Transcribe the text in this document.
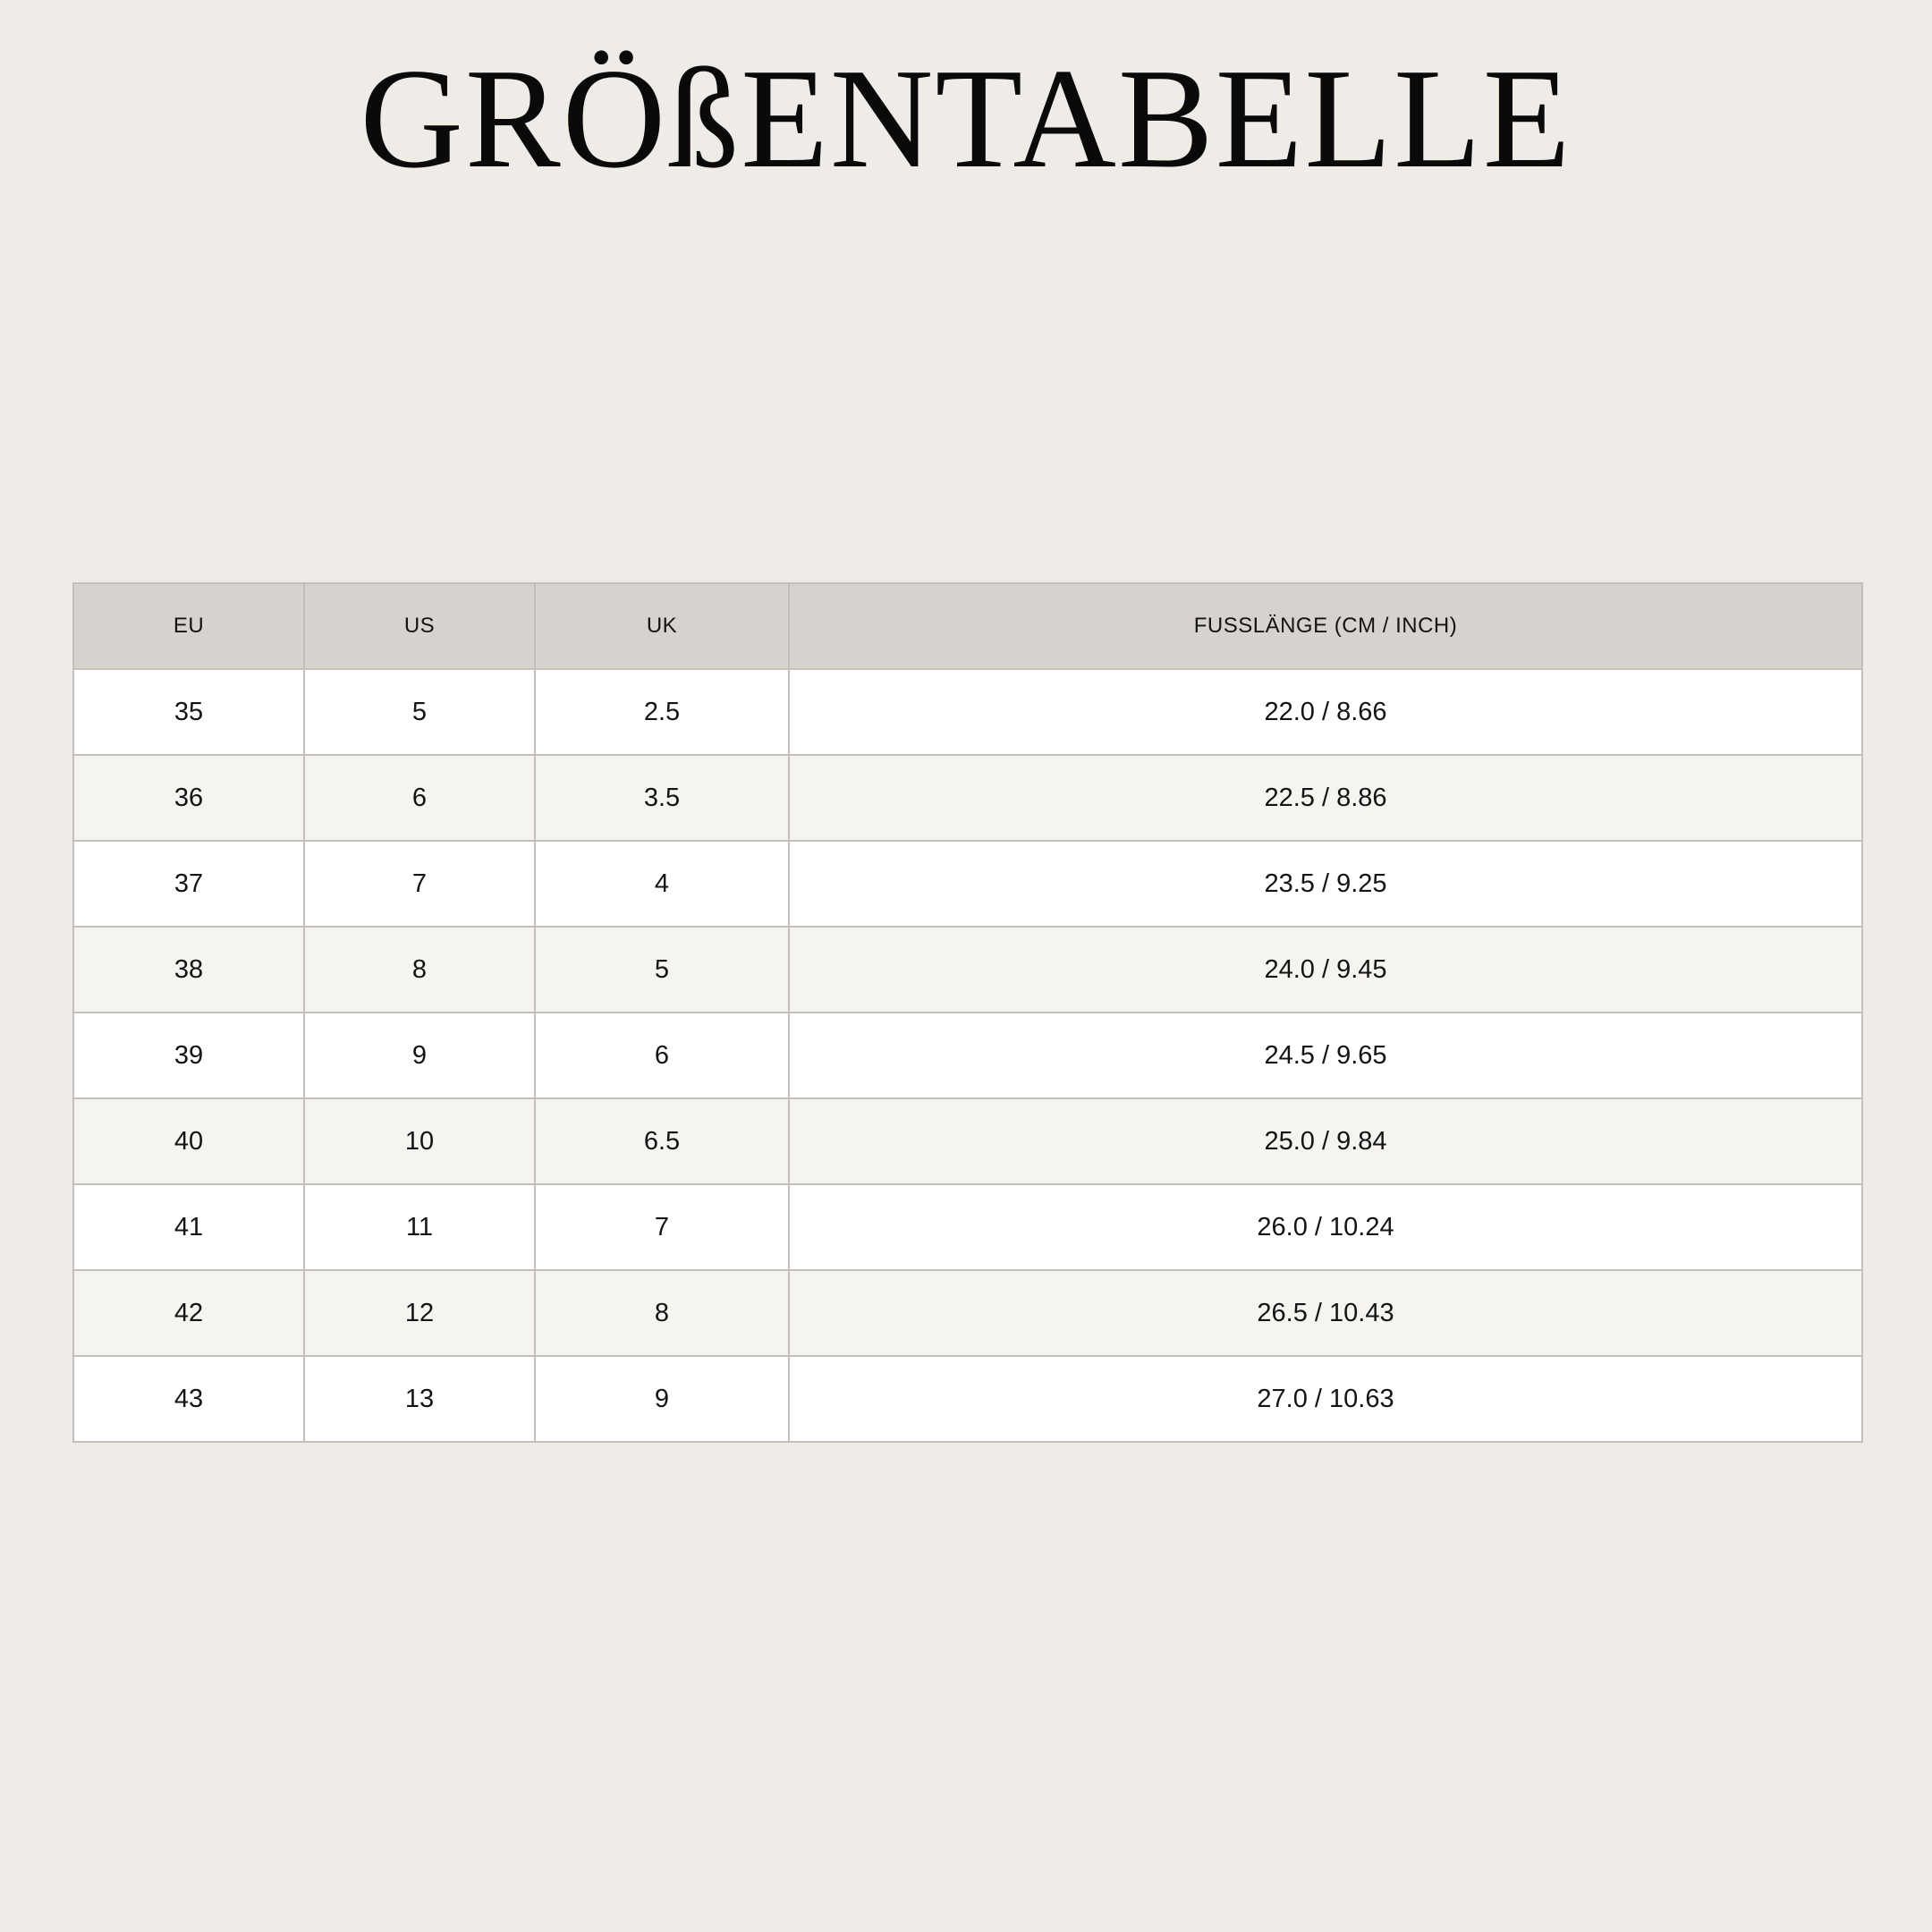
GRÖßENTABELLE
EU	US	UK	FUSSLÄNGE (CM / INCH)
35	5	2.5	22.0 / 8.66
36	6	3.5	22.5 / 8.86
37	7	4	23.5 / 9.25
38	8	5	24.0 / 9.45
39	9	6	24.5 / 9.65
40	10	6.5	25.0 / 9.84
41	11	7	26.0 / 10.24
42	12	8	26.5 / 10.43
43	13	9	27.0 / 10.63
